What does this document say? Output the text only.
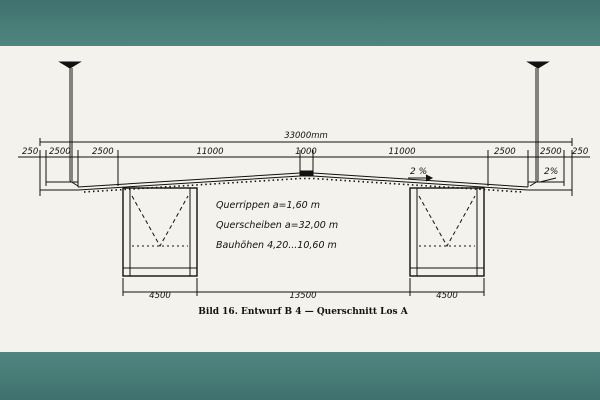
33000mm
250 2500	2500	11000	1000	11000	2500	2500 250
2 %	2%
Querrippen a=1,60 m
Querscheiben a=32,00 m
Bauhöhen 4,20...10,60 m
4500	13500	4500
Bild 16. Entwurf B 4 — Querschnitt Los A
